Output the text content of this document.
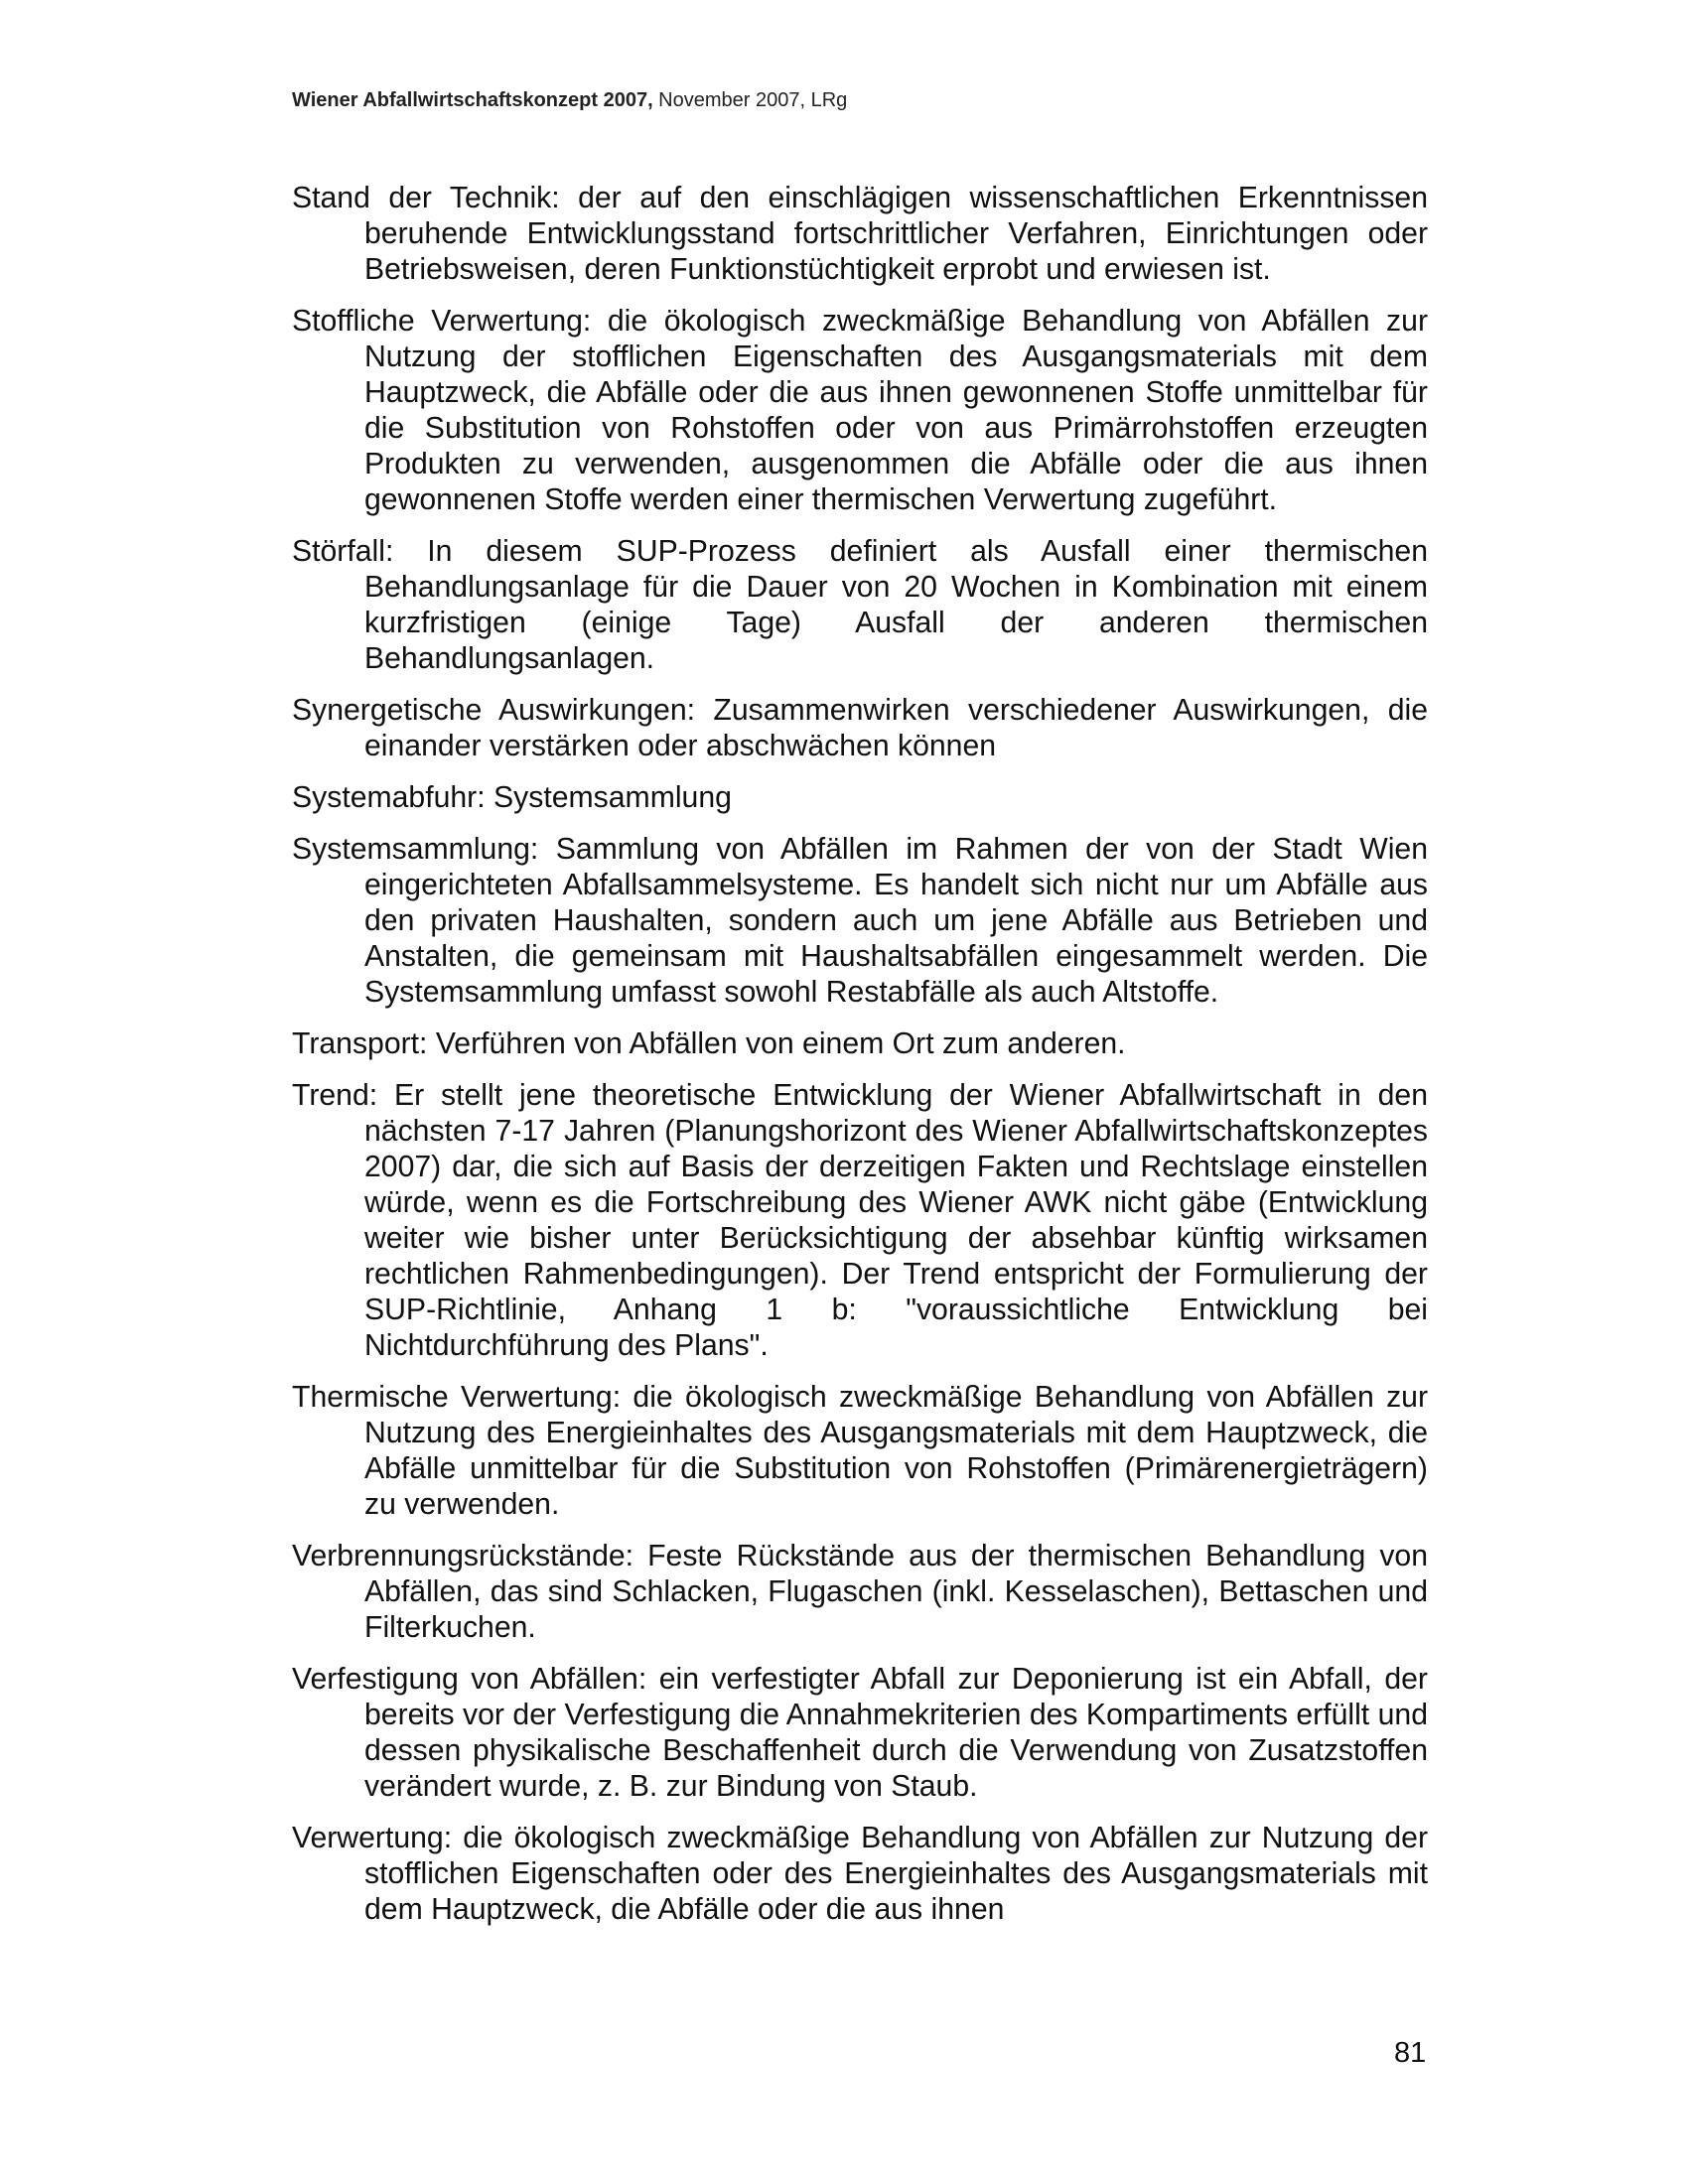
Wiener Abfallwirtschaftskonzept 2007, November 2007, LRg

Stand der Technik: der auf den einschlägigen wissenschaftlichen Erkenntnissen beruhende Entwicklungsstand fortschrittlicher Verfahren, Einrichtungen oder Betriebsweisen, deren Funktionstüchtigkeit erprobt und erwiesen ist.

Stoffliche Verwertung: die ökologisch zweckmäßige Behandlung von Abfällen zur Nutzung der stofflichen Eigenschaften des Ausgangsmaterials mit dem Hauptzweck, die Abfälle oder die aus ihnen gewonnenen Stoffe unmittelbar für die Substitution von Rohstoffen oder von aus Primärrohstoffen erzeugten Produkten zu verwenden, ausgenommen die Abfälle oder die aus ihnen gewonnenen Stoffe werden einer thermischen Verwertung zugeführt.

Störfall: In diesem SUP-Prozess definiert als Ausfall einer thermischen Behandlungsanlage für die Dauer von 20 Wochen in Kombination mit einem kurzfristigen (einige Tage) Ausfall der anderen thermischen Behandlungsanlagen.

Synergetische Auswirkungen: Zusammenwirken verschiedener Auswirkungen, die einander verstärken oder abschwächen können

Systemabfuhr: Systemsammlung

Systemsammlung: Sammlung von Abfällen im Rahmen der von der Stadt Wien eingerichteten Abfallsammelsysteme. Es handelt sich nicht nur um Abfälle aus den privaten Haushalten, sondern auch um jene Abfälle aus Betrieben und Anstalten, die gemeinsam mit Haushaltsabfällen eingesammelt werden. Die Systemsammlung umfasst sowohl Restabfälle als auch Altstoffe.

Transport: Verführen von Abfällen von einem Ort zum anderen.

Trend: Er stellt jene theoretische Entwicklung der Wiener Abfallwirtschaft in den nächsten 7-17 Jahren (Planungshorizont des Wiener Abfallwirtschaftskonzeptes 2007) dar, die sich auf Basis der derzeitigen Fakten und Rechtslage einstellen würde, wenn es die Fortschreibung des Wiener AWK nicht gäbe (Entwicklung weiter wie bisher unter Berücksichtigung der absehbar künftig wirksamen rechtlichen Rahmenbedingungen). Der Trend entspricht der Formulierung der SUP-Richtlinie, Anhang 1 b: "voraussichtliche Entwicklung bei Nichtdurchführung des Plans".

Thermische Verwertung: die ökologisch zweckmäßige Behandlung von Abfällen zur Nutzung des Energieinhaltes des Ausgangsmaterials mit dem Hauptzweck, die Abfälle unmittelbar für die Substitution von Rohstoffen (Primärenergieträgern) zu verwenden.

Verbrennungsrückstände: Feste Rückstände aus der thermischen Behandlung von Abfällen, das sind Schlacken, Flugaschen (inkl. Kesselaschen), Bettaschen und Filterkuchen.

Verfestigung von Abfällen: ein verfestigter Abfall zur Deponierung ist ein Abfall, der bereits vor der Verfestigung die Annahmekriterien des Kompartiments erfüllt und dessen physikalische Beschaffenheit durch die Verwendung von Zusatzstoffen verändert wurde, z. B. zur Bindung von Staub.

Verwertung: die ökologisch zweckmäßige Behandlung von Abfällen zur Nutzung der stofflichen Eigenschaften oder des Energieinhaltes des Ausgangsmaterials mit dem Hauptzweck, die Abfälle oder die aus ihnen

81
